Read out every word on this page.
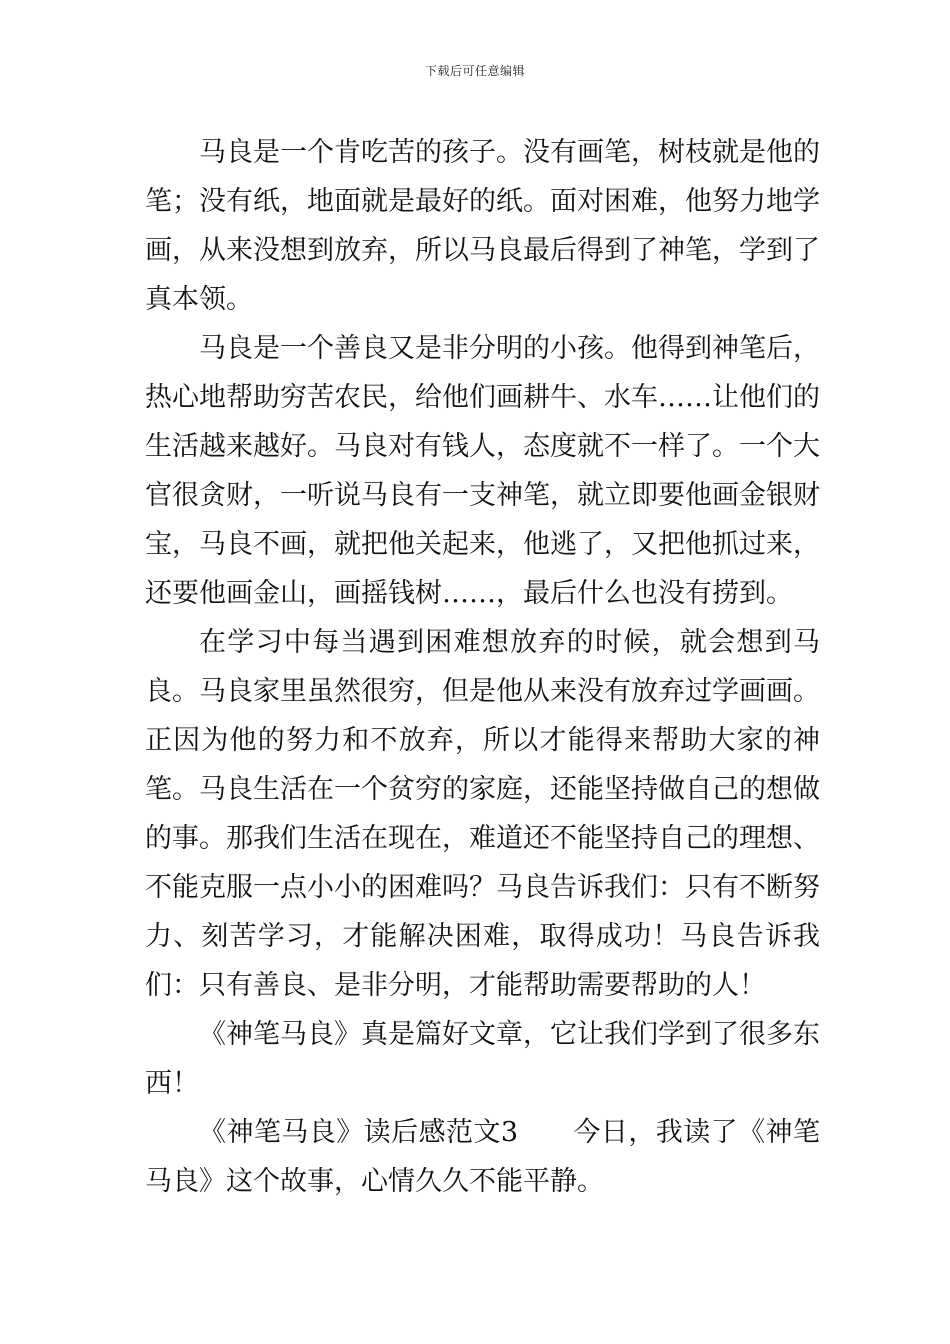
下载后可任意编辑

马良是一个肯吃苦的孩子。没有画笔，树枝就是他的笔；没有纸，地面就是最好的纸。面对困难，他努力地学画，从来没想到放弃，所以马良最后得到了神笔，学到了真本领。

马良是一个善良又是非分明的小孩。他得到神笔后，热心地帮助穷苦农民，给他们画耕牛、水车……让他们的生活越来越好。马良对有钱人，态度就不一样了。一个大官很贪财，一听说马良有一支神笔，就立即要他画金银财宝，马良不画，就把他关起来，他逃了，又把他抓过来，还要他画金山，画摇钱树……，最后什么也没有捞到。

在学习中每当遇到困难想放弃的时候，就会想到马良。马良家里虽然很穷，但是他从来没有放弃过学画画。正因为他的努力和不放弃，所以才能得来帮助大家的神笔。马良生活在一个贫穷的家庭，还能坚持做自己的想做的事。那我们生活在现在，难道还不能坚持自己的理想、不能克服一点小小的困难吗？马良告诉我们：只有不断努力、刻苦学习，才能解决困难，取得成功！马良告诉我们：只有善良、是非分明，才能帮助需要帮助的人！

《神笔马良》真是篇好文章，它让我们学到了很多东西！

《神笔马良》读后感范文3　　今日，我读了《神笔马良》这个故事，心情久久不能平静。
